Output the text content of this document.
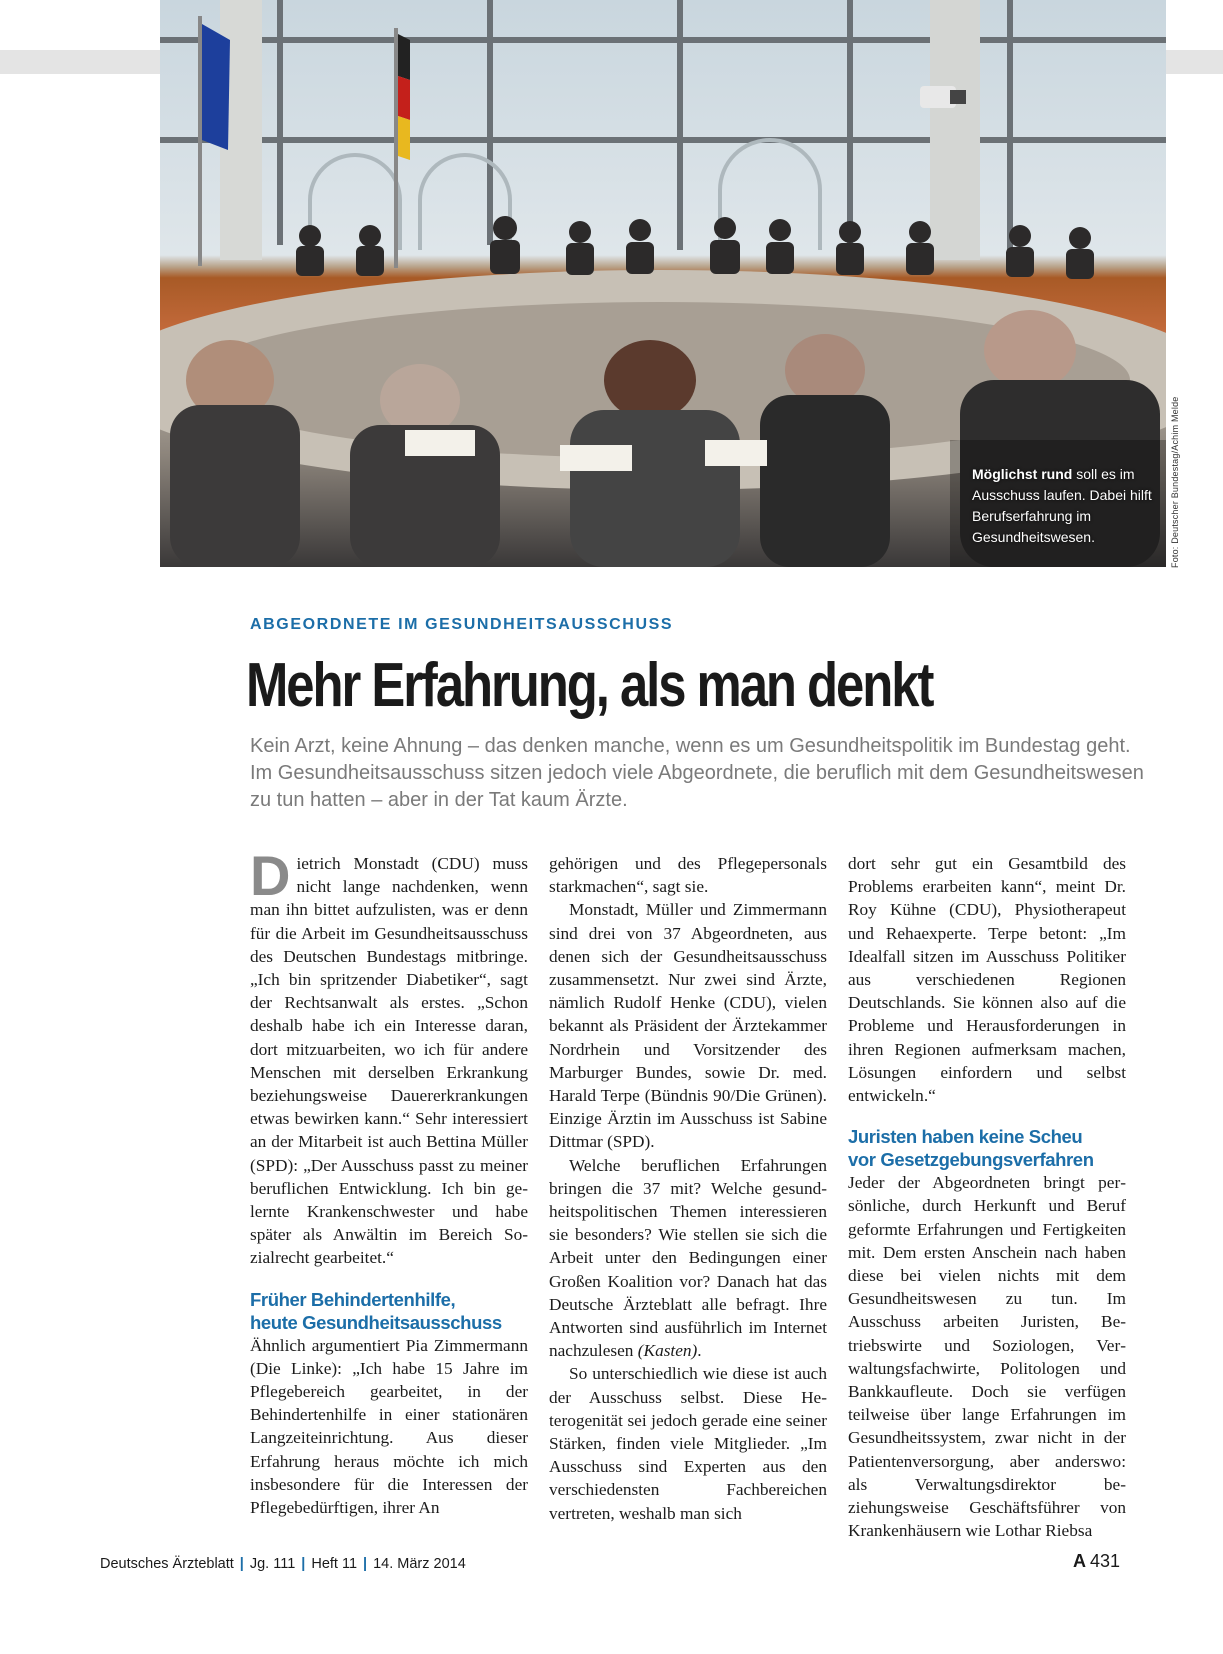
Möglichst rund soll es im Ausschuss laufen. Dabei hilft Berufserfahrung im Gesundheitswesen.	Foto: Deutscher Bundestag/Achim Melde
ABGEORDNETE IM GESUNDHEITSAUSSCHUSS
Mehr Erfahrung, als man denkt
Kein Arzt, keine Ahnung – das denken manche, wenn es um Gesundheitspolitik im Bundestag geht. Im Gesundheitsausschuss sitzen jedoch viele Abgeordnete, die beruflich mit dem Gesundheitswesen zu tun hatten – aber in der Tat kaum Ärzte.

D ietrich Monstadt (CDU) muss nicht lange nachdenken, wenn man ihn bittet aufzulisten, was er denn für die Arbeit im Gesundheitsausschuss des Deutschen Bundestags mitbringe. „Ich bin spritzender Diabetiker“, sagt der Rechtsanwalt als erstes. „Schon deshalb habe ich ein Interesse daran, dort mitzuarbeiten, wo ich für andere Menschen mit derselben Erkrankung beziehungsweise Dauererkrankungen etwas bewirken kann.“ Sehr interessiert an der Mitarbeit ist auch Bettina Müller (SPD): „Der Ausschuss passt zu meiner beruflichen Entwicklung. Ich bin gelernte Krankenschwester und habe später als Anwältin im Bereich Sozialrecht gearbeitet.“

Früher Behindertenhilfe,
heute Gesundheitsausschuss

Ähnlich argumentiert Pia Zimmermann (Die Linke): „Ich habe 15 Jahre im Pflegebereich gearbeitet, in der Behindertenhilfe in einer stationären Langzeiteinrichtung. Aus dieser Erfahrung heraus möchte ich mich insbesondere für die Interessen der Pflegebedürftigen, ihrer An

gehörigen und des Pflegepersonals starkmachen“, sagt sie.

Monstadt, Müller und Zimmermann sind drei von 37 Abgeordneten, aus denen sich der Gesundheitsausschuss zusammensetzt. Nur zwei sind Ärzte, nämlich Rudolf Henke (CDU), vielen bekannt als Präsident der Ärztekammer Nordrhein und Vorsitzender des Marburger Bundes, sowie Dr. med. Harald Terpe (Bündnis 90/Die Grünen). Einzige Ärztin im Ausschuss ist Sabine Dittmar (SPD).

Welche beruflichen Erfahrungen bringen die 37 mit? Welche gesundheitspolitischen Themen interessieren sie besonders? Wie stellen sie sich die Arbeit unter den Bedingungen einer Großen Koalition vor? Danach hat das Deutsche Ärzteblatt alle befragt. Ihre Antworten sind ausführlich im Internet nachzulesen (Kasten).

So unterschiedlich wie diese ist auch der Ausschuss selbst. Diese Heterogenität sei jedoch gerade eine seiner Stärken, finden viele Mitglieder. „Im Ausschuss sind Experten aus den verschiedensten Fachbereichen vertreten, weshalb man sich

dort sehr gut ein Gesamtbild des Problems erarbeiten kann“, meint Dr. Roy Kühne (CDU), Physiotherapeut und Rehaexperte. Terpe betont: „Im Idealfall sitzen im Ausschuss Politiker aus verschiedenen Regionen Deutschlands. Sie können also auf die Probleme und Herausforderungen in ihren Regionen aufmerksam machen, Lösungen einfordern und selbst entwickeln.“

Juristen haben keine Scheu
vor Gesetzgebungsverfahren

Jeder der Abgeordneten bringt persönliche, durch Herkunft und Beruf geformte Erfahrungen und Fertigkeiten mit. Dem ersten Anschein nach haben diese bei vielen nichts mit dem Gesundheitswesen zu tun. Im Ausschuss arbeiten Juristen, Betriebswirte und Soziologen, Verwaltungsfachwirte, Politologen und Bankkaufleute. Doch sie verfügen teilweise über lange Erfahrungen im Gesundheitssystem, zwar nicht in der Patientenversorgung, aber anderswo: als Verwaltungsdirektor beziehungsweise Geschäftsführer von Krankenhäusern wie Lothar Riebsa

Deutsches Ärzteblatt | Jg. 111 | Heft 11 | 14. März 2014	A 431
